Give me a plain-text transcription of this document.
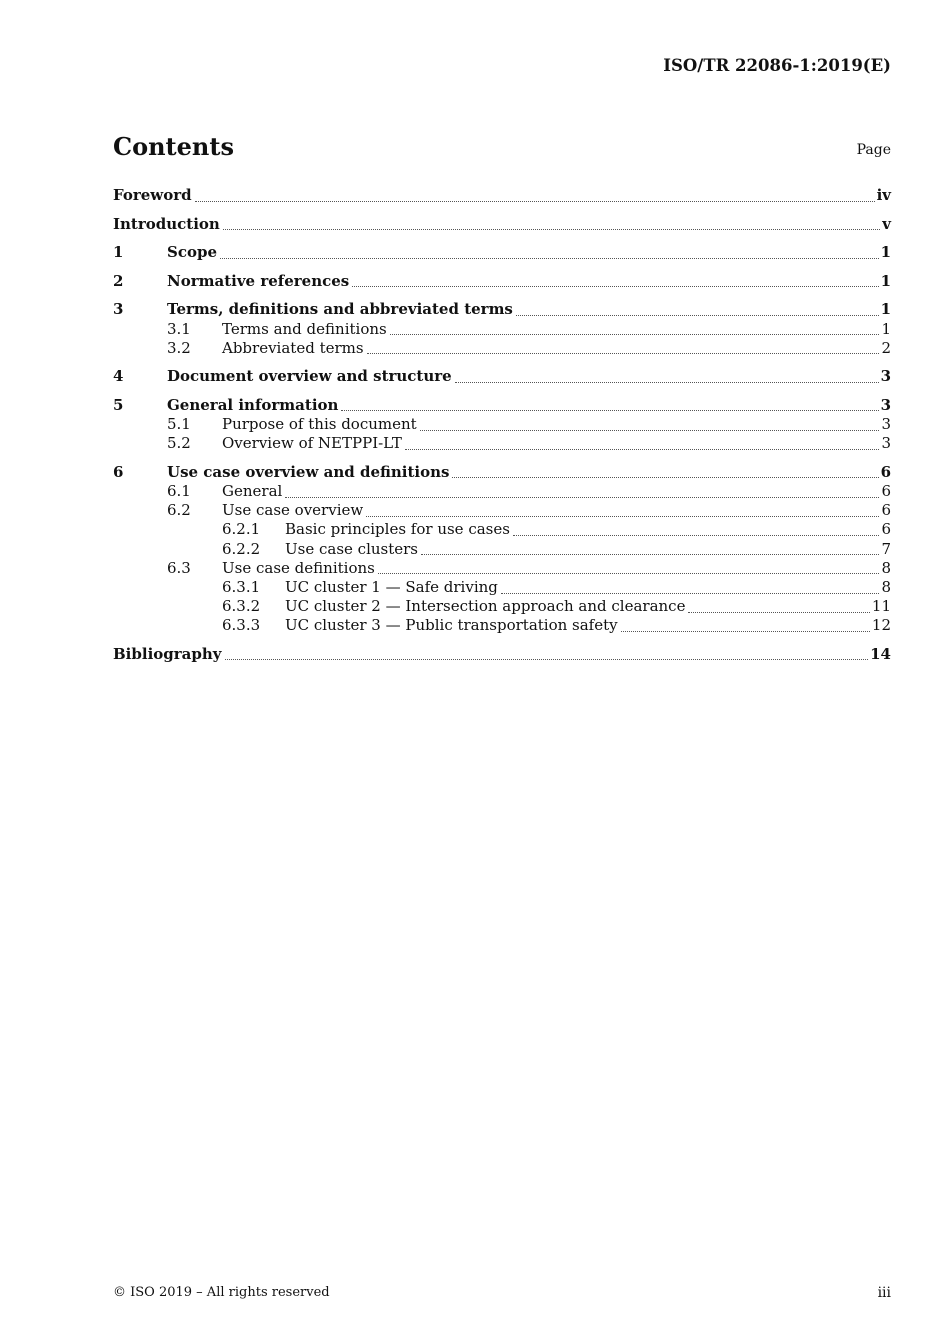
ISO/TR 22086-1:2019(E)
Contents	Page
Foreword	iv
Introduction	v
1	Scope	1
2	Normative references	1
3	Terms, definitions and abbreviated terms	1
3.1	Terms and definitions	1
3.2	Abbreviated terms	2
4	Document overview and structure	3
5	General information	3
5.1	Purpose of this document	3
5.2	Overview of NETPPI-LT	3
6	Use case overview and definitions	6
6.1	General	6
6.2	Use case overview	6
6.2.1	Basic principles for use cases	6
6.2.2	Use case clusters	7
6.3	Use case definitions	8
6.3.1	UC cluster 1 — Safe driving	8
6.3.2	UC cluster 2 — Intersection approach and clearance	11
6.3.3	UC cluster 3 — Public transportation safety	12
Bibliography	14
© ISO 2019 – All rights reserved	iii
